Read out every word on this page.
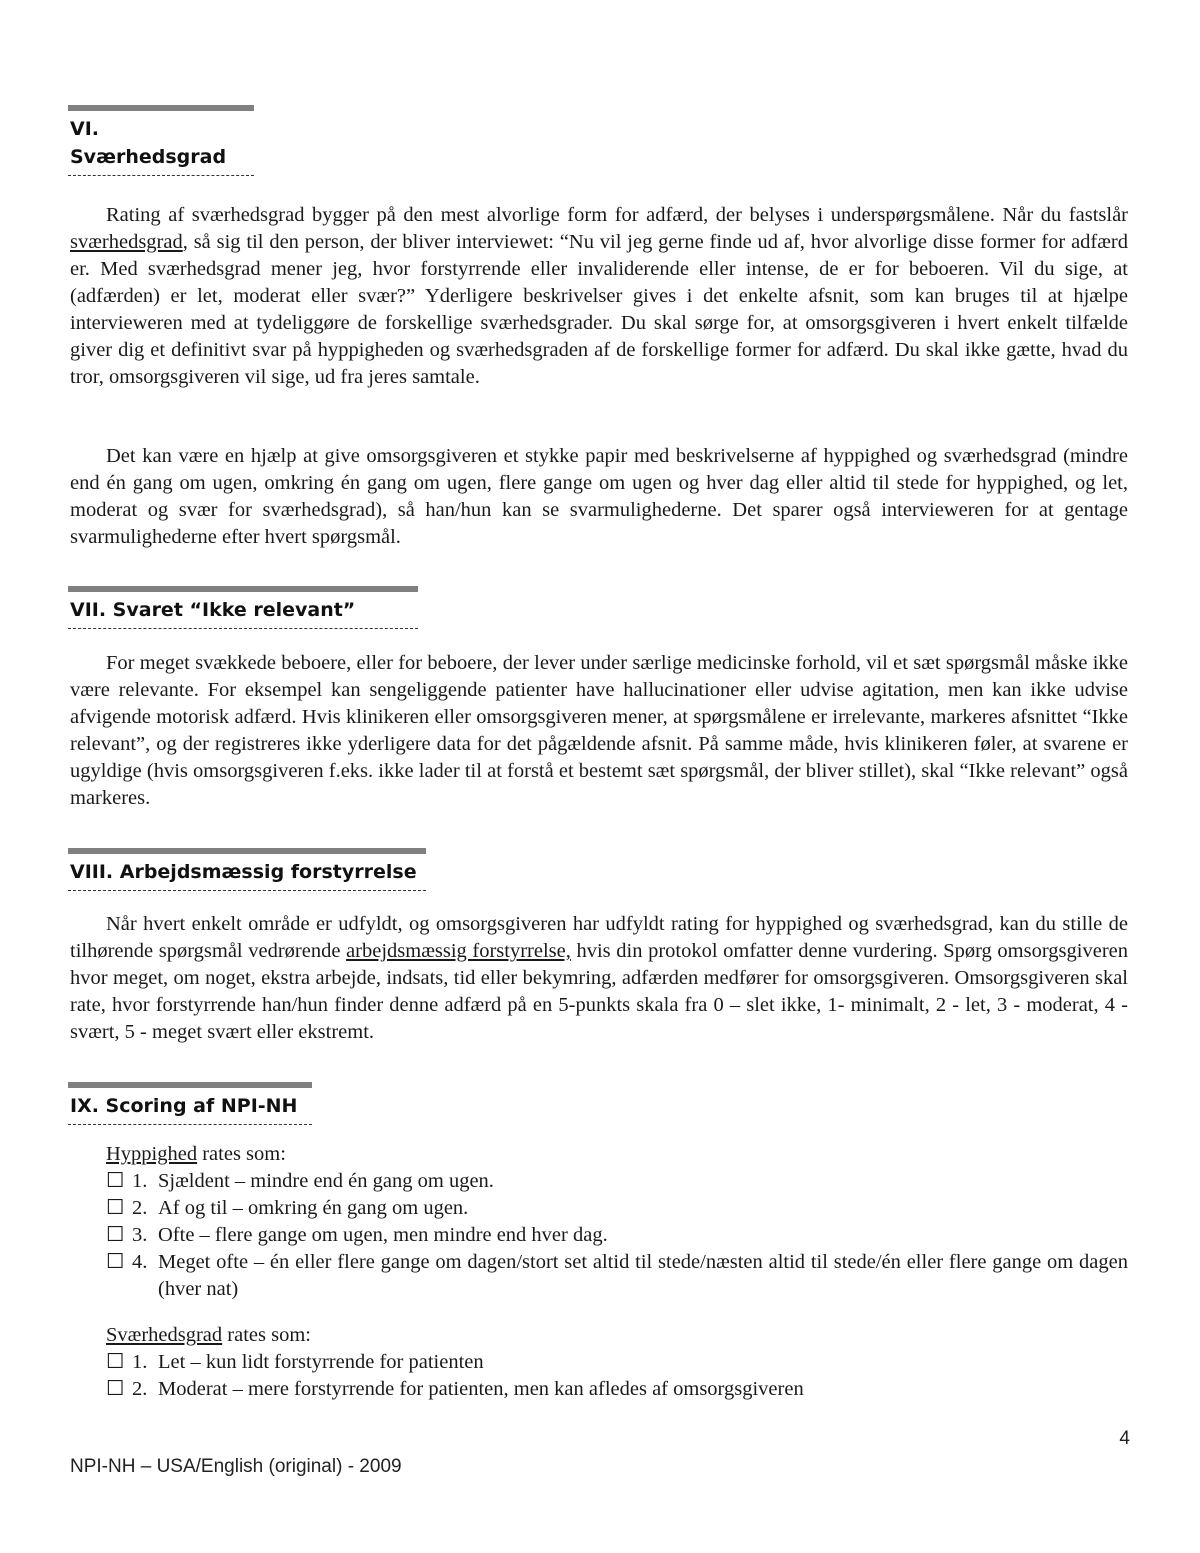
VI.
Sværhedsgrad

Rating af sværhedsgrad bygger på den mest alvorlige form for adfærd, der belyses i underspørgsmålene. Når du fastslår sværhedsgrad, så sig til den person, der bliver interviewet: “Nu vil jeg gerne finde ud af, hvor alvorlige disse former for adfærd er. Med sværhedsgrad mener jeg, hvor forstyrrende eller invaliderende eller intense, de er for beboeren. Vil du sige, at (adfærden) er let, moderat eller svær?” Yderligere beskrivelser gives i det enkelte afsnit, som kan bruges til at hjælpe intervieweren med at tydeliggøre de forskellige sværhedsgrader. Du skal sørge for, at omsorgsgiveren i hvert enkelt tilfælde giver dig et definitivt svar på hyppigheden og sværhedsgraden af de forskellige former for adfærd. Du skal ikke gætte, hvad du tror, omsorgsgiveren vil sige, ud fra jeres samtale.

Det kan være en hjælp at give omsorgsgiveren et stykke papir med beskrivelserne af hyppighed og sværhedsgrad (mindre end én gang om ugen, omkring én gang om ugen, flere gange om ugen og hver dag eller altid til stede for hyppighed, og let, moderat og svær for sværhedsgrad), så han/hun kan se svarmulighederne. Det sparer også intervieweren for at gentage svarmulighederne efter hvert spørgsmål.

VII. Svaret “Ikke relevant”

For meget svækkede beboere, eller for beboere, der lever under særlige medicinske forhold, vil et sæt spørgsmål måske ikke være relevante. For eksempel kan sengeliggende patienter have hallucinationer eller udvise agitation, men kan ikke udvise afvigende motorisk adfærd. Hvis klinikeren eller omsorgsgiveren mener, at spørgsmålene er irrelevante, markeres afsnittet “Ikke relevant”, og der registreres ikke yderligere data for det pågældende afsnit. På samme måde, hvis klinikeren føler, at svarene er ugyldige (hvis omsorgsgiveren f.eks. ikke lader til at forstå et bestemt sæt spørgsmål, der bliver stillet), skal “Ikke relevant” også markeres.

VIII. Arbejdsmæssig forstyrrelse

Når hvert enkelt område er udfyldt, og omsorgsgiveren har udfyldt rating for hyppighed og sværhedsgrad, kan du stille de tilhørende spørgsmål vedrørende arbejdsmæssig forstyrrelse, hvis din protokol omfatter denne vurdering. Spørg omsorgsgiveren hvor meget, om noget, ekstra arbejde, indsats, tid eller bekymring, adfærden medfører for omsorgsgiveren. Omsorgsgiveren skal rate, hvor forstyrrende han/hun finder denne adfærd på en 5-punkts skala fra 0 – slet ikke, 1- minimalt, 2 - let, 3 - moderat, 4 - svært, 5 - meget svært eller ekstremt.

IX. Scoring af NPI-NH

Hyppighed rates som:

☐ 1. Sjældent – mindre end én gang om ugen.
☐ 2. Af og til – omkring én gang om ugen.
☐ 3. Ofte – flere gange om ugen, men mindre end hver dag.
☐ 4. Meget ofte – én eller flere gange om dagen/stort set altid til stede/næsten altid til stede/én eller flere gange om dagen (hver nat)

Sværhedsgrad rates som:

☐ 1. Let – kun lidt forstyrrende for patienten
☐ 2. Moderat – mere forstyrrende for patienten, men kan afledes af omsorgsgiveren
4
NPI-NH – USA/English (original) - 2009
